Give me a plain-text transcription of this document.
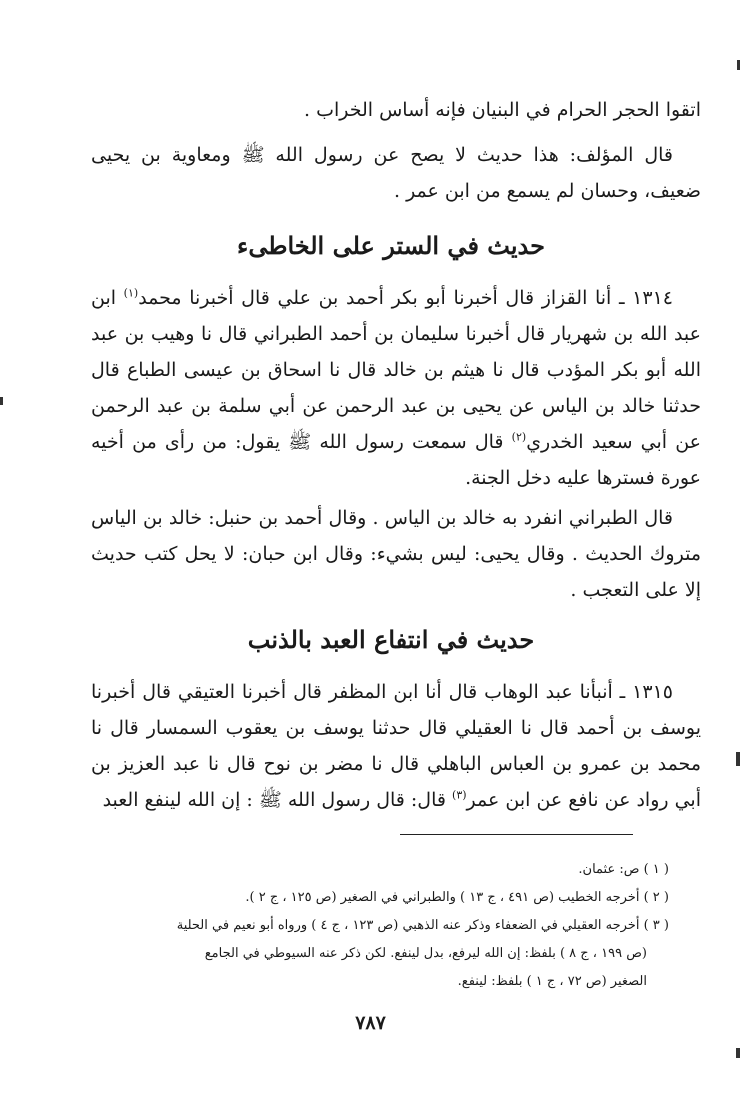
اتقوا الحجر الحرام في البنيان فإنه أساس الخراب .

قال المؤلف: هذا حديث لا يصح عن رسول الله ﷺ ومعاوية بن يحيى ضعيف، وحسان لم يسمع من ابن عمر .

حديث في الستر على الخاطىء

١٣١٤ ـ أنا القزاز قال أخبرنا أبو بكر أحمد بن علي قال أخبرنا محمد$^{(١)}$ ابن عبد الله بن شهريار قال أخبرنا سليمان بن أحمد الطبراني قال نا وهيب بن عبد الله أبو بكر المؤدب قال نا هيثم بن خالد قال نا اسحاق بن عيسى الطباع قال حدثنا خالد بن الياس عن يحيى بن عبد الرحمن عن أبي سلمة بن عبد الرحمن عن أبي سعيد الخدري$^{(٢)}$ قال سمعت رسول الله ﷺ يقول: من رأى من أخيه عورة فسترها عليه دخل الجنة.

قال الطبراني انفرد به خالد بن الياس . وقال أحمد بن حنبل: خالد بن الياس متروك الحديث . وقال يحيى: ليس بشيء: وقال ابن حبان: لا يحل كتب حديث إلا على التعجب .

حديث في انتفاع العبد بالذنب

١٣١٥ ـ أنبأنا عبد الوهاب قال أنا ابن المظفر قال أخبرنا العتيقي قال أخبرنا يوسف بن أحمد قال نا العقيلي قال حدثنا يوسف بن يعقوب السمسار قال نا محمد بن عمرو بن العباس الباهلي قال نا مضر بن نوح قال نا عبد العزيز بن أبي رواد عن نافع عن ابن عمر$^{(٣)}$ قال: قال رسول الله ﷺ : إن الله لينفع العبد

( ١ ) ص: عثمان.

( ٢ ) أخرجه الخطيب (ص ٤٩١ ، ج ١٣ ) والطبراني في الصغير (ص ١٢٥ ، ج ٢ ).

( ٣ ) أخرجه العقيلي في الضعفاء وذكر عنه الذهبي (ص ١٢٣ ، ج ٤ ) ورواه أبو نعيم في الحلية

(ص ١٩٩ ، ج ٨ ) بلفظ: إن الله ليرفع، بدل لينفع. لكن ذكر عنه السيوطي في الجامع

الصغير (ص ٧٢ ، ج ١ ) بلفظ: لينفع.

٧٨٧
